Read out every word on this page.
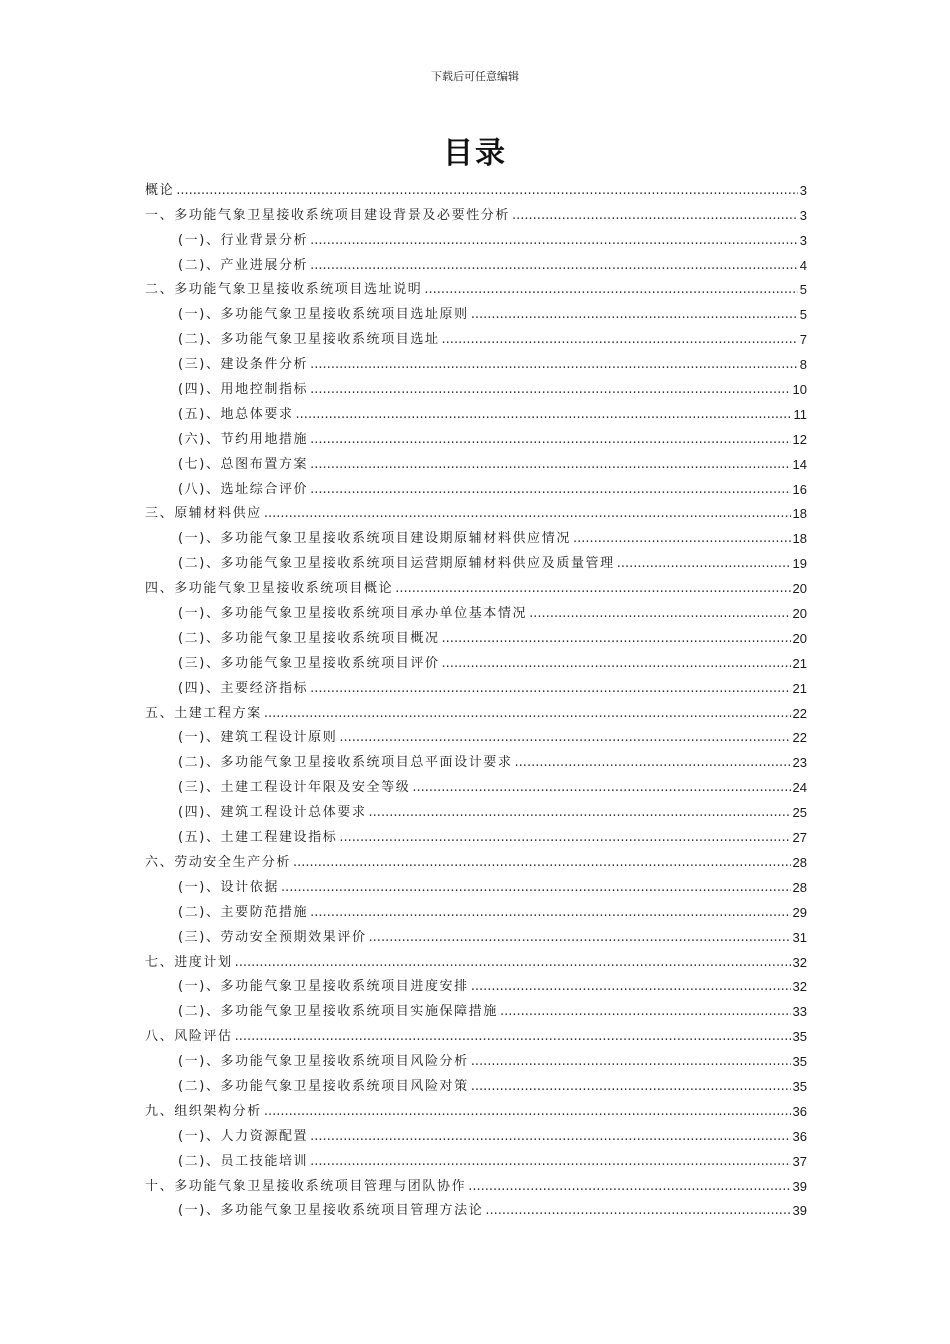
下载后可任意编辑
目录
概论 .....	3
一、多功能气象卫星接收系统项目建设背景及必要性分析 .....	3
(一)、行业背景分析 .....	3
(二)、产业进展分析 .....	4
二、多功能气象卫星接收系统项目选址说明 .....	5
(一)、多功能气象卫星接收系统项目选址原则 .....	5
(二)、多功能气象卫星接收系统项目选址 .....	7
(三)、建设条件分析 .....	8
(四)、用地控制指标 .....	10
(五)、地总体要求 .....	11
(六)、节约用地措施 .....	12
(七)、总图布置方案 .....	14
(八)、选址综合评价 .....	16
三、原辅材料供应 .....	18
(一)、多功能气象卫星接收系统项目建设期原辅材料供应情况 .....	18
(二)、多功能气象卫星接收系统项目运营期原辅材料供应及质量管理 .....	19
四、多功能气象卫星接收系统项目概论 .....	20
(一)、多功能气象卫星接收系统项目承办单位基本情况 .....	20
(二)、多功能气象卫星接收系统项目概况 .....	20
(三)、多功能气象卫星接收系统项目评价 .....	21
(四)、主要经济指标 .....	21
五、土建工程方案 .....	22
(一)、建筑工程设计原则 .....	22
(二)、多功能气象卫星接收系统项目总平面设计要求 .....	23
(三)、土建工程设计年限及安全等级 .....	24
(四)、建筑工程设计总体要求 .....	25
(五)、土建工程建设指标 .....	27
六、劳动安全生产分析 .....	28
(一)、设计依据 .....	28
(二)、主要防范措施 .....	29
(三)、劳动安全预期效果评价 .....	31
七、进度计划 .....	32
(一)、多功能气象卫星接收系统项目进度安排 .....	32
(二)、多功能气象卫星接收系统项目实施保障措施 .....	33
八、风险评估 .....	35
(一)、多功能气象卫星接收系统项目风险分析 .....	35
(二)、多功能气象卫星接收系统项目风险对策 .....	35
九、组织架构分析 .....	36
(一)、人力资源配置 .....	36
(二)、员工技能培训 .....	37
十、多功能气象卫星接收系统项目管理与团队协作 .....	39
(一)、多功能气象卫星接收系统项目管理方法论 .....	39
